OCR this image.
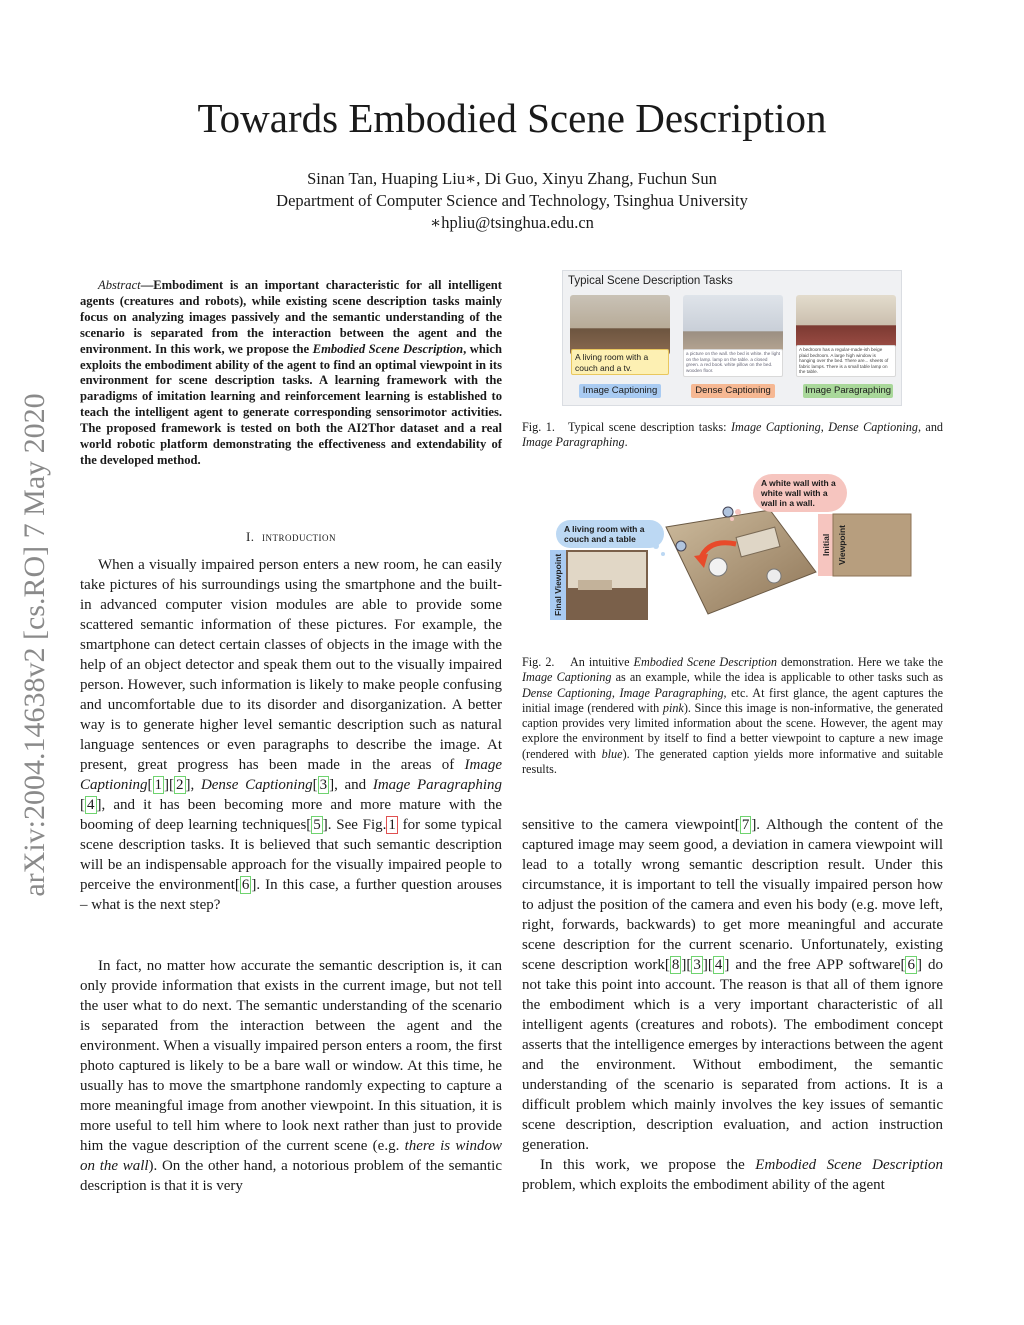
arXiv:2004.14638v2 [cs.RO] 7 May 2020
Towards Embodied Scene Description
Sinan Tan, Huaping Liu∗, Di Guo, Xinyu Zhang, Fuchun Sun
Department of Computer Science and Technology, Tsinghua University
∗hpliu@tsinghua.edu.cn
Abstract—Embodiment is an important characteristic for all intelligent agents (creatures and robots), while existing scene description tasks mainly focus on analyzing images passively and the semantic understanding of the scenario is separated from the interaction between the agent and the environment. In this work, we propose the Embodied Scene Description, which exploits the embodiment ability of the agent to find an optimal viewpoint in its environment for scene description tasks. A learning framework with the paradigms of imitation learning and reinforcement learning is established to teach the intelligent agent to generate corresponding sensorimotor activities. The proposed framework is tested on both the AI2Thor dataset and a real world robotic platform demonstrating the effectiveness and extendability of the developed method.
I. introduction

When a visually impaired person enters a new room, he can easily take pictures of his surroundings using the smartphone and the built-in advanced computer vision modules are able to provide some scattered semantic information of these pictures. For example, the smartphone can detect certain classes of objects in the image with the help of an object detector and speak them out to the visually impaired person. However, such information is likely to make people confusing and uncomfortable due to its disorder and disorganization. A better way is to generate higher level semantic description such as natural language sentences or even paragraphs to describe the image. At present, great progress has been made in the areas of Image Captioning[ 1 ][ 2 ], Dense Captioning[ 3 ], and Image Paragraphing [ 4 ], and it has been becoming more and more mature with the booming of deep learning techniques[ 5 ]. See Fig. 1 for some typical scene description tasks. It is believed that such semantic description will be an indispensable approach for the visually impaired people to perceive the environment[ 6 ]. In this case, a further question arouses – what is the next step?

In fact, no matter how accurate the semantic description is, it can only provide information that exists in the current image, but not tell the user what to do next. The semantic understanding of the scenario is separated from the interaction between the agent and the environment. When a visually impaired person enters a room, the first photo captured is likely to be a bare wall or window. At this time, he usually has to move the smartphone randomly expecting to capture a more meaningful image from another viewpoint. In this situation, it is more useful to tell him where to look next rather than just to provide him the vague description of the current scene (e.g. there is window on the wall). On the other hand, a notorious problem of the semantic description is that it is very

Typical Scene Description Tasks
A living room with a couch and a tv.
a picture on the wall. the bed is white. the light on the lamp. lamp on the table. a closed green. a red book. white pillow on the bed. wooden floor.
A bedroom has a regular-made-ish beige plaid bedroom. A large high window is hanging over the bed. There are... sheets of fabric lamps. There is a small table lamp on the table.
Image Captioning	Dense Captioning	Image Paragraphing

Fig. 1. Typical scene description tasks: Image Captioning, Dense Captioning, and Image Paragraphing.

A living room with a couch and a table
A white wall with a white wall with a wall in a wall.
Final Viewpoint
Initial Viewpoint

Fig. 2. An intuitive Embodied Scene Description demonstration. Here we take the Image Captioning as an example, while the idea is applicable to other tasks such as Dense Captioning, Image Paragraphing, etc. At first glance, the agent captures the initial image (rendered with pink). Since this image is non-informative, the generated caption provides very limited information about the scene. However, the agent may explore the environment by itself to find a better viewpoint to capture a new image (rendered with blue). The generated caption yields more informative and suitable results.

sensitive to the camera viewpoint[ 7 ]. Although the content of the captured image may seem good, a deviation in camera viewpoint will lead to a totally wrong semantic description result. Under this circumstance, it is important to tell the visually impaired person how to adjust the position of the camera and even his body (e.g. move left, right, forwards, backwards) to get more meaningful and accurate scene description for the current scenario. Unfortunately, existing scene description work[ 8 ][ 3 ][ 4 ] and the free APP software[ 6 ] do not take this point into account. The reason is that all of them ignore the embodiment which is a very important characteristic of all intelligent agents (creatures and robots). The embodiment concept asserts that the intelligence emerges by interactions between the agent and the environment. Without embodiment, the semantic understanding of the scenario is separated from actions. It is a difficult problem which mainly involves the key issues of semantic scene description, description evaluation, and action instruction generation.

In this work, we propose the Embodied Scene Description problem, which exploits the embodiment ability of the agent
